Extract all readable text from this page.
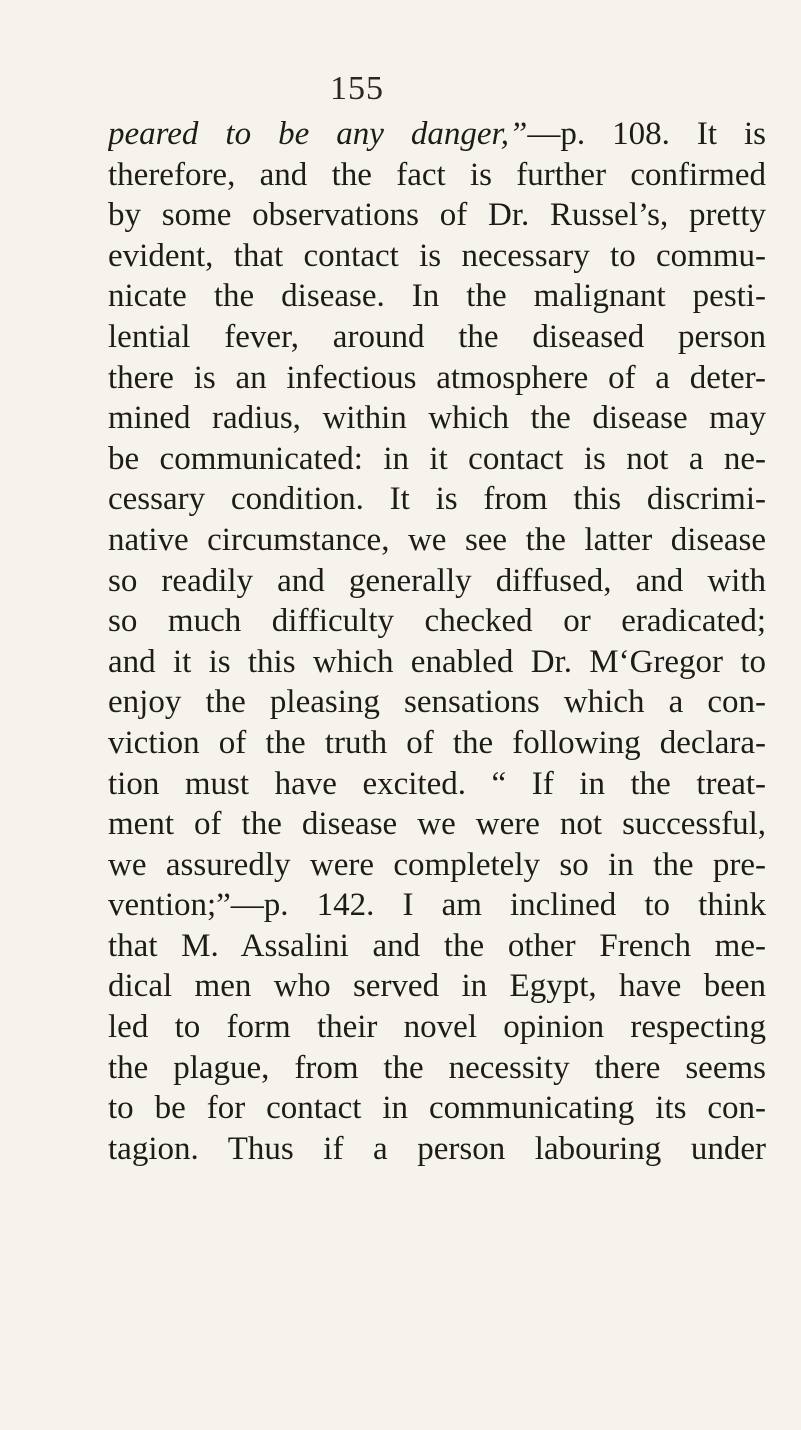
155
peared to be any danger,”—p. 108. It is
therefore, and the fact is further confirmed
by some observations of Dr. Russel’s, pretty
evident, that contact is necessary to commu-
nicate the disease. In the malignant pesti-
lential fever, around the diseased person
there is an infectious atmosphere of a deter-
mined radius, within which the disease may
be communicated: in it contact is not a ne-
cessary condition. It is from this discrimi-
native circumstance, we see the latter disease
so readily and generally diffused, and with
so much difficulty checked or eradicated;
and it is this which enabled Dr. M‘Gregor to
enjoy the pleasing sensations which a con-
viction of the truth of the following declara-
tion must have excited. “ If in the treat-
ment of the disease we were not successful,
we assuredly were completely so in the pre-
vention;”—p. 142. I am inclined to think
that M. Assalini and the other French me-
dical men who served in Egypt, have been
led to form their novel opinion respecting
the plague, from the necessity there seems
to be for contact in communicating its con-
tagion. Thus if a person labouring under
